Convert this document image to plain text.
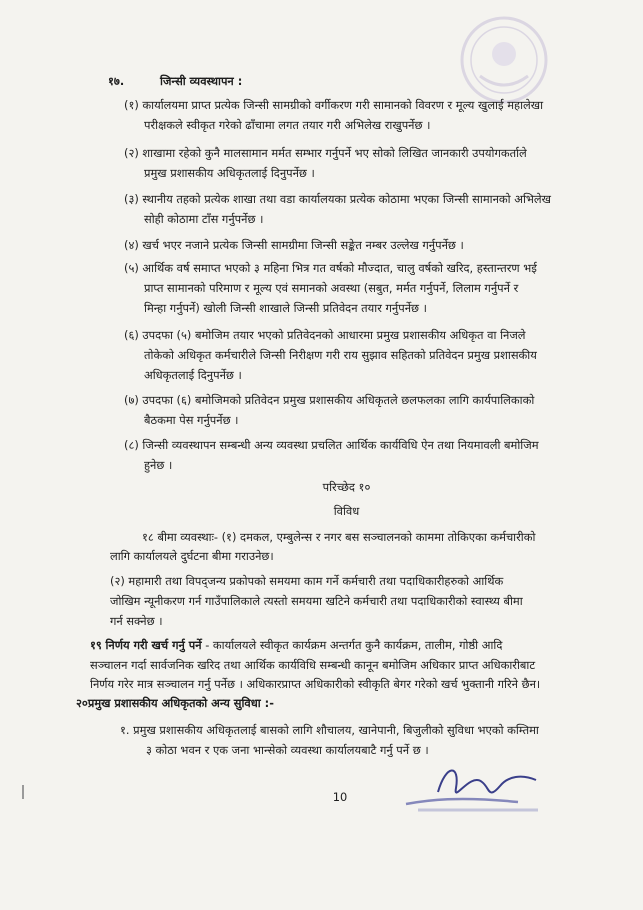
१७.	जिन्सी व्यवस्थापन :
(१) कार्यालयमा प्राप्त प्रत्येक जिन्सी सामग्रीको वर्गीकरण गरी सामानको विवरण र मूल्य खुलाई महालेखा
परीक्षकले स्वीकृत गरेको ढाँचामा लगत तयार गरी अभिलेख राखुपर्नेछ ।
(२) शाखामा रहेको कुनै मालसामान मर्मत सम्भार गर्नुपर्ने भए सोको लिखित जानकारी उपयोगकर्ताले
प्रमुख प्रशासकीय अधिकृतलाई दिनुपर्नेछ ।
(३) स्थानीय तहको प्रत्येक शाखा तथा वडा कार्यालयका प्रत्येक कोठामा भएका जिन्सी सामानको अभिलेख
सोही कोठामा टाँस गर्नुपर्नेछ ।
(४) खर्च भएर नजाने प्रत्येक जिन्सी सामग्रीमा जिन्सी सङ्केत नम्बर उल्लेख गर्नुपर्नेछ ।
(५) आर्थिक वर्ष समाप्त भएको ३ महिना भित्र गत वर्षको मौज्दात, चालु वर्षको खरिद, हस्तान्तरण भई
प्राप्त सामानको परिमाण र मूल्य एवं समानको अवस्था (सबुत, मर्मत गर्नुपर्ने, लिलाम गर्नुपर्ने र
मिन्हा गर्नुपर्ने) खोली जिन्सी शाखाले जिन्सी प्रतिवेदन तयार गर्नुपर्नेछ ।
(६) उपदफा (५) बमोजिम तयार भएको प्रतिवेदनको आधारमा प्रमुख प्रशासकीय अधिकृत वा निजले
तोकेको अधिकृत कर्मचारीले जिन्सी निरीक्षण गरी राय सुझाव सहितको प्रतिवेदन प्रमुख प्रशासकीय
अधिकृतलाई दिनुपर्नेछ ।
(७) उपदफा (६) बमोजिमको प्रतिवेदन प्रमुख प्रशासकीय अधिकृतले छलफलका लागि कार्यपालिकाको
बैठकमा पेस गर्नुपर्नेछ ।
(८) जिन्सी व्यवस्थापन सम्बन्धी अन्य व्यवस्था प्रचलित आर्थिक कार्यविधि ऐन तथा नियमावली बमोजिम
हुनेछ ।
परिच्छेद १०
विविध
१८ बीमा व्यवस्थाः- (१) दमकल, एम्बुलेन्स र नगर बस सञ्चालनको काममा तोकिएका कर्मचारीको
लागि कार्यालयले दुर्घटना बीमा गराउनेछ।
(२) महामारी तथा विपद्जन्य प्रकोपको समयमा काम गर्ने कर्मचारी तथा पदाधिकारीहरुको आर्थिक
जोखिम न्यूनीकरण गर्न गाउँपालिकाले त्यस्तो समयमा खटिने कर्मचारी तथा पदाधिकारीको स्वास्थ्य बीमा
गर्न सक्नेछ ।
१९ निर्णय गरी खर्च गर्नु पर्ने - कार्यालयले स्वीकृत कार्यक्रम अन्तर्गत कुनै कार्यक्रम, तालीम, गोष्ठी आदि
सञ्चालन गर्दा सार्वजनिक खरिद तथा आर्थिक कार्यविधि सम्बन्धी कानून बमोजिम अधिकार प्राप्त अधिकारीबाट
निर्णय गरेर मात्र सञ्चालन गर्नु पर्नेछ । अधिकारप्राप्त अधिकारीको स्वीकृति बेगर गरेको खर्च भुक्तानी गरिने छैन।
२०प्रमुख प्रशासकीय अधिकृतको अन्य सुविधा :-
१. प्रमुख प्रशासकीय अधिकृतलाई बासको लागि शौचालय, खानेपानी, बिजुलीको सुविधा भएको कम्तिमा
३ कोठा भवन र एक जना भान्सेको व्यवस्था कार्यालयबाटै गर्नु पर्ने छ ।
10
